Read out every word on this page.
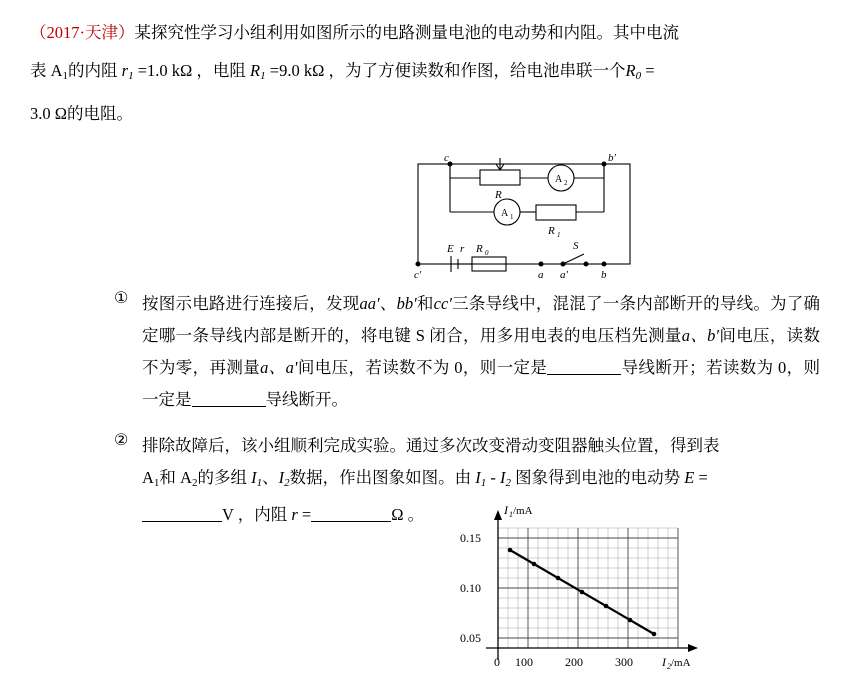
（2017·天津）某探究性学习小组利用如图所示的电路测量电池的电动势和内阻。其中电流
表 $A_1$的内阻 $r_1 =1.0$ kΩ ，电阻 $R_1 =9.0$ kΩ ，为了方便读数和作图，给电池串联一个$R_0$ =
3.0 Ω的电阻。
c	b′
A 2
R
A 1
R 1
E r R 0
S
c'	a a'	b
① 按图示电路进行连接后，发现aa′、bb′和cc′三条导线中，混混了一条内部断开的导线。为了确定哪一条导线内部是断开的，将电键 S 闭合，用多用电表的电压档先测量a、b′间电压，读数不为零，再测量a、a'间电压，若读数不为 0，则一定是	导线断开；若读数为 0，则一定是	导线断开。
② 排除故障后，该小组顺利完成实验。通过多次改变滑动变阻器触头位置，得到表
$A_1$和 $A_2$的多组 $I_1$、$I_2$数据，作出图象如图。由 $I_1 - I_2$ 图象得到电池的电动势 E =
V ，内阻 r =	Ω 。
0.15
0.10
0.05
0 100	200	300
I 1 /mA
I 2 /mA
